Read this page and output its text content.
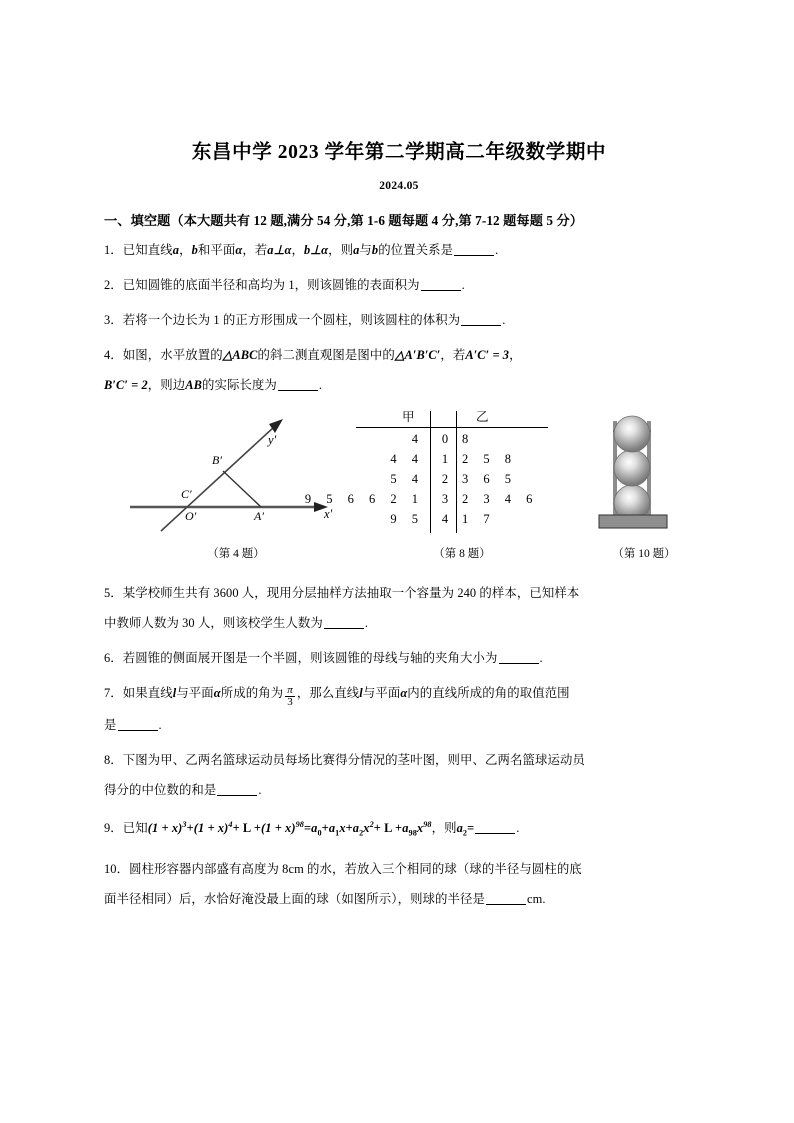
东昌中学 2023 学年第二学期高二年级数学期中
2024.05
一、填空题（本大题共有 12 题,满分 54 分,第 1-6 题每题 4 分,第 7-12 题每题 5 分）
1．已知直线a，b和平面α，若a⊥α，b⊥α，则a与b的位置关系是	.
2．已知圆锥的底面半径和高均为 1，则该圆锥的表面积为	.
3．若将一个边长为 1 的正方形围成一个圆柱，则该圆柱的体积为	.
4．如图，水平放置的△ABC的斜二测直观图是图中的△A′B′C′，若A′C′ = 3，
B′C′ = 2，则边AB的实际长度为	.
y′
x′
B′
C′
O′	A′
甲	乙
4	0	8
4 4	1	2 5 8
5 4	2	3 6 5
9 5 6 6 2 1	3	2 3 4 6
9 5	4	1 7
（第 4 题）	（第 8 题）	（第 10 题）
5．某学校师生共有 3600 人，现用分层抽样方法抽取一个容量为 240 的样本，已知样本
中教师人数为 30 人，则该校学生人数为	.
6．若圆锥的侧面展开图是一个半圆，则该圆锥的母线与轴的夹角大小为	.
7．如果直线l与平面α所成的角为 $\frac{\pi}{3}$ ，那么直线l与平面α内的直线所成的角的取值范围
是	.
8．下图为甲、乙两名篮球运动员每场比赛得分情况的茎叶图，则甲、乙两名篮球运动员
得分的中位数的和是	.
9．已知$(1 + x)^3+(1 + x)^4+ L +(1 + x)^{98}=a_0+a_1x+a_2x^2+ L +a_{98}x^{98}$，则$a_2=$	.
10．圆柱形容器内部盛有高度为 8cm 的水，若放入三个相同的球（球的半径与圆柱的底
面半径相同）后，水恰好淹没最上面的球（如图所示），则球的半径是	cm.
